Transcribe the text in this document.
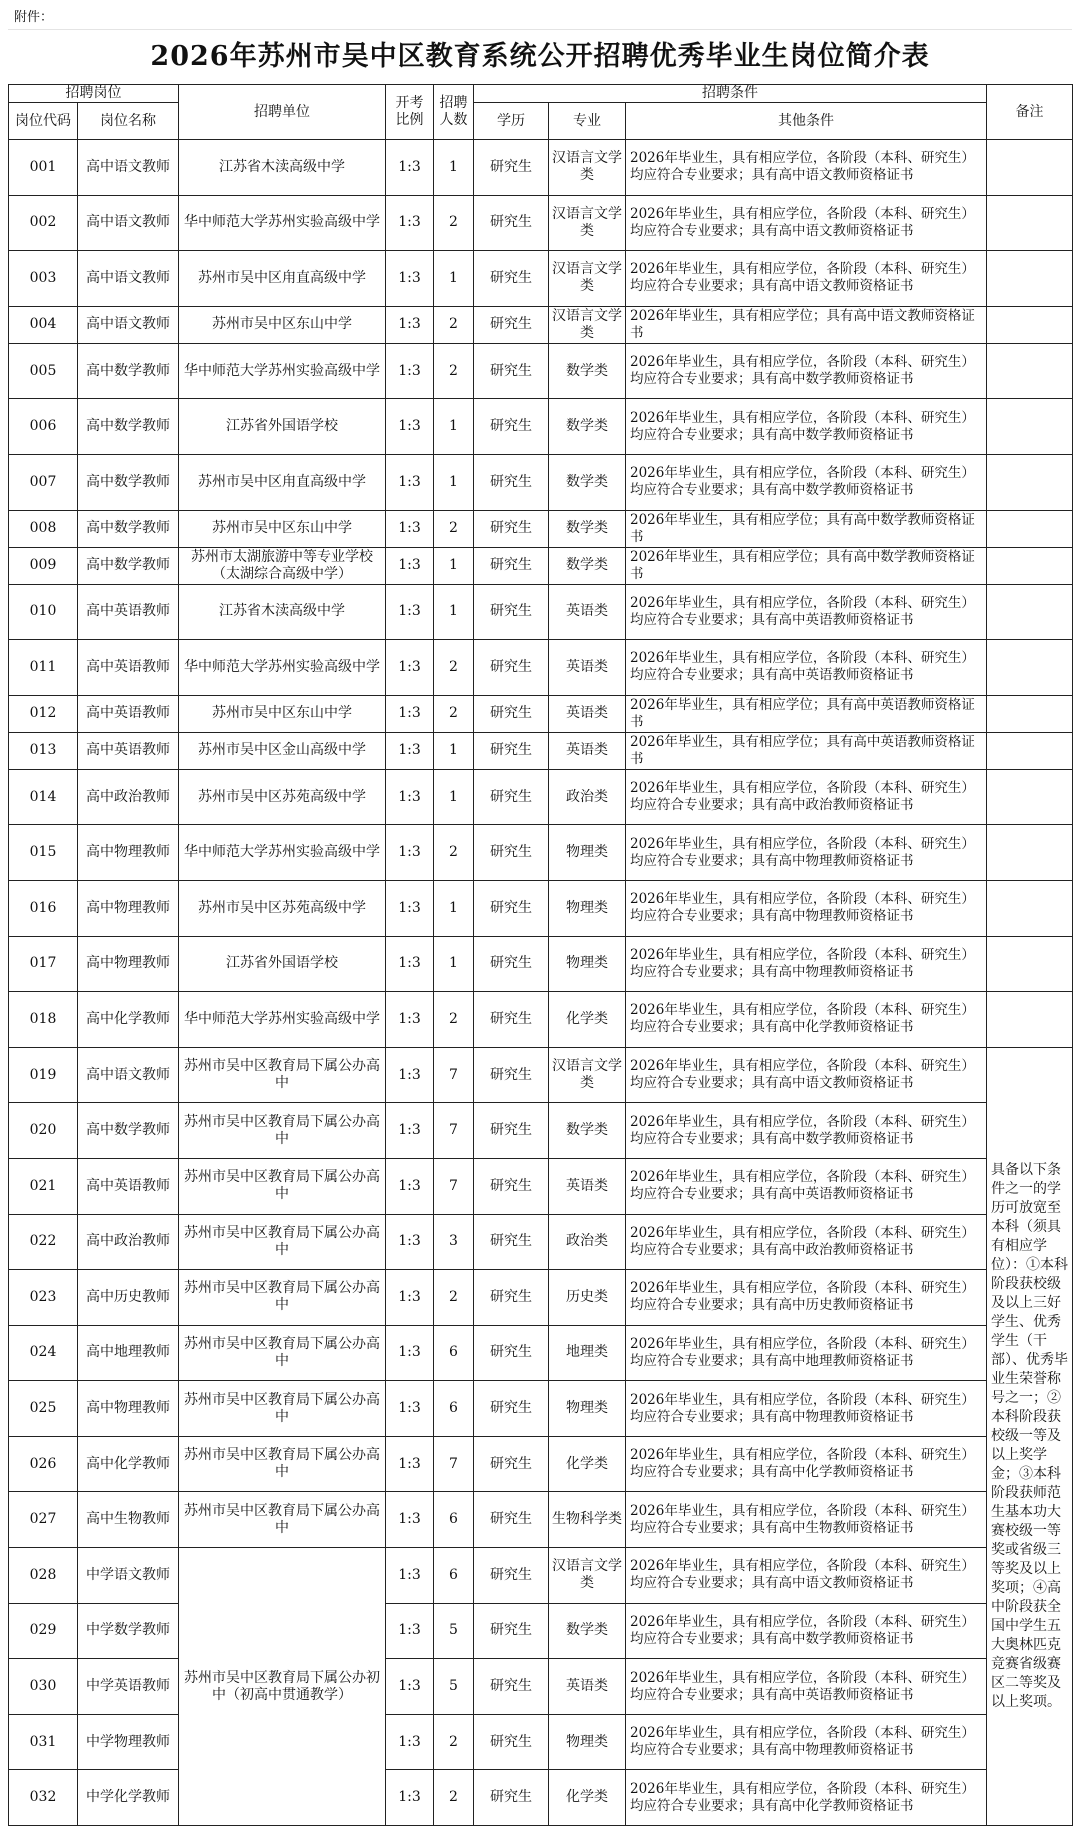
附件：
2026年苏州市吴中区教育系统公开招聘优秀毕业生岗位简介表
招聘岗位		招聘单位	开考比例	招聘人数	招聘条件			备注
岗位代码	岗位名称				学历	专业	其他条件	
001	高中语文教师	江苏省木渎高级中学	1:3	1	研究生	汉语言文学类	2026年毕业生，具有相应学位，各阶段（本科、研究生）均应符合专业要求；具有高中语文教师资格证书	
002	高中语文教师	华中师范大学苏州实验高级中学	1:3	2	研究生	汉语言文学类	2026年毕业生，具有相应学位，各阶段（本科、研究生）均应符合专业要求；具有高中语文教师资格证书	
003	高中语文教师	苏州市吴中区甪直高级中学	1:3	1	研究生	汉语言文学类	2026年毕业生，具有相应学位，各阶段（本科、研究生）均应符合专业要求；具有高中语文教师资格证书	
004	高中语文教师	苏州市吴中区东山中学	1:3	2	研究生	汉语言文学类	2026年毕业生，具有相应学位；具有高中语文教师资格证书	
005	高中数学教师	华中师范大学苏州实验高级中学	1:3	2	研究生	数学类	2026年毕业生，具有相应学位，各阶段（本科、研究生）均应符合专业要求；具有高中数学教师资格证书	
006	高中数学教师	江苏省外国语学校	1:3	1	研究生	数学类	2026年毕业生，具有相应学位，各阶段（本科、研究生）均应符合专业要求；具有高中数学教师资格证书	
007	高中数学教师	苏州市吴中区甪直高级中学	1:3	1	研究生	数学类	2026年毕业生，具有相应学位，各阶段（本科、研究生）均应符合专业要求；具有高中数学教师资格证书	
008	高中数学教师	苏州市吴中区东山中学	1:3	2	研究生	数学类	2026年毕业生，具有相应学位；具有高中数学教师资格证书	
009	高中数学教师	苏州市太湖旅游中等专业学校（太湖综合高级中学）	1:3	1	研究生	数学类	2026年毕业生，具有相应学位；具有高中数学教师资格证书	
010	高中英语教师	江苏省木渎高级中学	1:3	1	研究生	英语类	2026年毕业生，具有相应学位，各阶段（本科、研究生）均应符合专业要求；具有高中英语教师资格证书	
011	高中英语教师	华中师范大学苏州实验高级中学	1:3	2	研究生	英语类	2026年毕业生，具有相应学位，各阶段（本科、研究生）均应符合专业要求；具有高中英语教师资格证书	
012	高中英语教师	苏州市吴中区东山中学	1:3	2	研究生	英语类	2026年毕业生，具有相应学位；具有高中英语教师资格证书	
013	高中英语教师	苏州市吴中区金山高级中学	1:3	1	研究生	英语类	2026年毕业生，具有相应学位；具有高中英语教师资格证书	
014	高中政治教师	苏州市吴中区苏苑高级中学	1:3	1	研究生	政治类	2026年毕业生，具有相应学位，各阶段（本科、研究生）均应符合专业要求；具有高中政治教师资格证书	
015	高中物理教师	华中师范大学苏州实验高级中学	1:3	2	研究生	物理类	2026年毕业生，具有相应学位，各阶段（本科、研究生）均应符合专业要求；具有高中物理教师资格证书	
016	高中物理教师	苏州市吴中区苏苑高级中学	1:3	1	研究生	物理类	2026年毕业生，具有相应学位，各阶段（本科、研究生）均应符合专业要求；具有高中物理教师资格证书	
017	高中物理教师	江苏省外国语学校	1:3	1	研究生	物理类	2026年毕业生，具有相应学位，各阶段（本科、研究生）均应符合专业要求；具有高中物理教师资格证书	
018	高中化学教师	华中师范大学苏州实验高级中学	1:3	2	研究生	化学类	2026年毕业生，具有相应学位，各阶段（本科、研究生）均应符合专业要求；具有高中化学教师资格证书	
019	高中语文教师	苏州市吴中区教育局下属公办高中	1:3	7	研究生	汉语言文学类	2026年毕业生，具有相应学位，各阶段（本科、研究生）均应符合专业要求；具有高中语文教师资格证书	具备以下条件之一的学历可放宽至本科（须具有相应学位）：①本科阶段获校级及以上三好学生、优秀学生（干部）、优秀毕业生荣誉称号之一；②本科阶段获校级一等及以上奖学金；③本科阶段获师范生基本功大赛校级一等奖或省级三等奖及以上奖项；④高中阶段获全国中学生五大奥林匹克竞赛省级赛区二等奖及以上奖项。
020	高中数学教师	苏州市吴中区教育局下属公办高中	1:3	7	研究生	数学类	2026年毕业生，具有相应学位，各阶段（本科、研究生）均应符合专业要求；具有高中数学教师资格证书	
021	高中英语教师	苏州市吴中区教育局下属公办高中	1:3	7	研究生	英语类	2026年毕业生，具有相应学位，各阶段（本科、研究生）均应符合专业要求；具有高中英语教师资格证书	
022	高中政治教师	苏州市吴中区教育局下属公办高中	1:3	3	研究生	政治类	2026年毕业生，具有相应学位，各阶段（本科、研究生）均应符合专业要求；具有高中政治教师资格证书	
023	高中历史教师	苏州市吴中区教育局下属公办高中	1:3	2	研究生	历史类	2026年毕业生，具有相应学位，各阶段（本科、研究生）均应符合专业要求；具有高中历史教师资格证书	
024	高中地理教师	苏州市吴中区教育局下属公办高中	1:3	6	研究生	地理类	2026年毕业生，具有相应学位，各阶段（本科、研究生）均应符合专业要求；具有高中地理教师资格证书	
025	高中物理教师	苏州市吴中区教育局下属公办高中	1:3	6	研究生	物理类	2026年毕业生，具有相应学位，各阶段（本科、研究生）均应符合专业要求；具有高中物理教师资格证书	
026	高中化学教师	苏州市吴中区教育局下属公办高中	1:3	7	研究生	化学类	2026年毕业生，具有相应学位，各阶段（本科、研究生）均应符合专业要求；具有高中化学教师资格证书	
027	高中生物教师	苏州市吴中区教育局下属公办高中	1:3	6	研究生	生物科学类	2026年毕业生，具有相应学位，各阶段（本科、研究生）均应符合专业要求；具有高中生物教师资格证书	
028	中学语文教师	苏州市吴中区教育局下属公办初中（初高中贯通教学）	1:3	6	研究生	汉语言文学类	2026年毕业生，具有相应学位，各阶段（本科、研究生）均应符合专业要求；具有高中语文教师资格证书	
029	中学数学教师		1:3	5	研究生	数学类	2026年毕业生，具有相应学位，各阶段（本科、研究生）均应符合专业要求；具有高中数学教师资格证书	
030	中学英语教师		1:3	5	研究生	英语类	2026年毕业生，具有相应学位，各阶段（本科、研究生）均应符合专业要求；具有高中英语教师资格证书	
031	中学物理教师		1:3	2	研究生	物理类	2026年毕业生，具有相应学位，各阶段（本科、研究生）均应符合专业要求；具有高中物理教师资格证书	
032	中学化学教师		1:3	2	研究生	化学类	2026年毕业生，具有相应学位，各阶段（本科、研究生）均应符合专业要求；具有高中化学教师资格证书	
